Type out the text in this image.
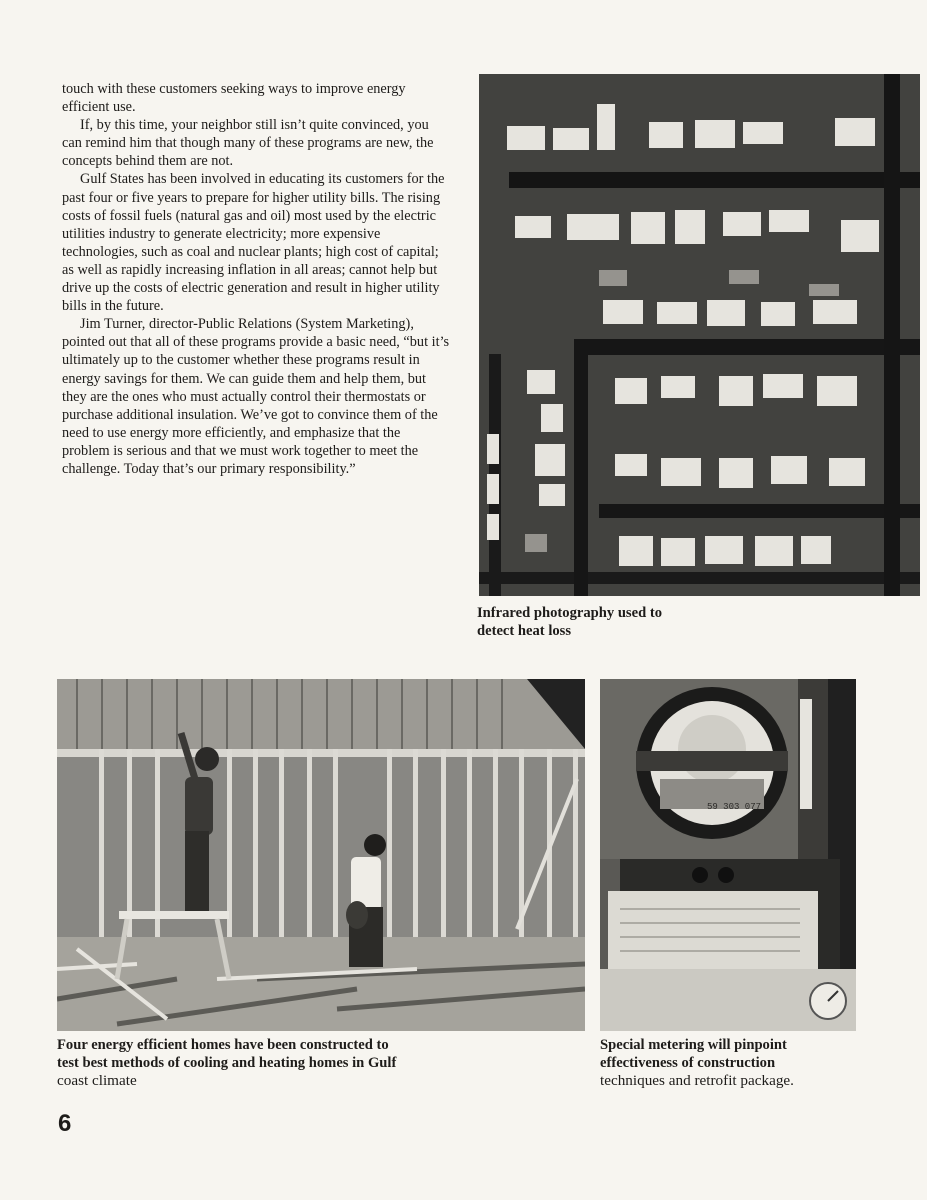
touch with these customers seeking ways to improve energy efficient use.

If, by this time, your neighbor still isn’t quite convinced, you can remind him that though many of these programs are new, the concepts behind them are not.

Gulf States has been involved in educating its customers for the past four or five years to prepare for higher utility bills. The rising costs of fossil fuels (natural gas and oil) most used by the electric utilities industry to generate electricity; more expensive technologies, such as coal and nuclear plants; high cost of capital; as well as rapidly increasing inflation in all areas; cannot help but drive up the costs of electric generation and result in higher utility bills in the future.

Jim Turner, director-Public Relations (System Marketing), pointed out that all of these programs provide a basic need, “but it’s ultimately up to the customer whether these programs result in energy savings for them. We can guide them and help them, but they are the ones who must actually control their thermostats or purchase additional insulation. We’ve got to convince them of the need to use energy more efficiently, and emphasize that the problem is serious and that we must work together to meet the challenge. Today that’s our primary responsibility.”

Infrared photography used to
detect heat loss
Four energy efficient homes have been constructed to
test best methods of cooling and heating homes in Gulf
coast climate
59 303 077
Special metering will pinpoint
effectiveness of construction
techniques and retrofit package.
6
